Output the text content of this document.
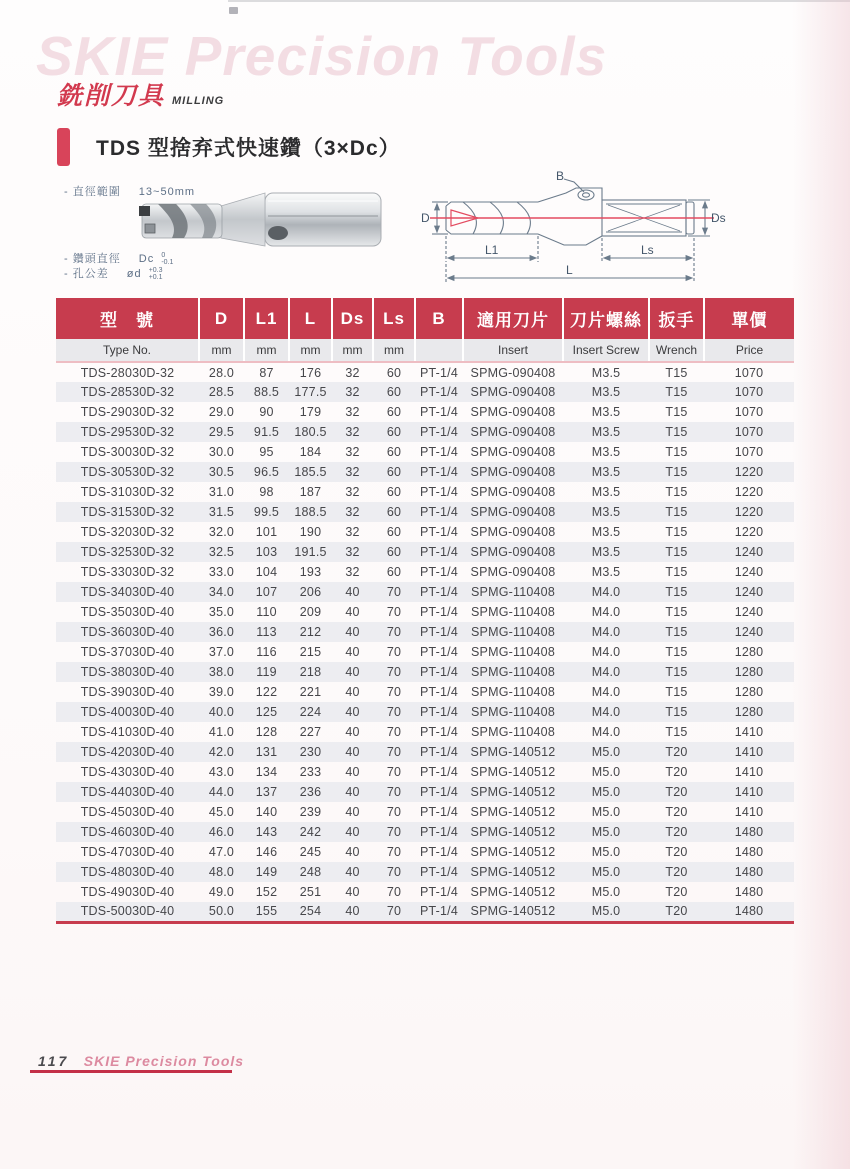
SKIE Precision Tools
銑削刀具 MILLING
TDS 型捨弃式快速鑽（3×Dc）
- 直徑範圍 13~50mm
- 鑽頭直徑 Dc 0
-0.1
- 孔公差 ød +0.3
+0.1
B
D	Ds
L1	Ls
L
型　號	D	L1	L	Ds	Ls	B	適用刀片	刀片螺絲	扳手	單價
Type No.	mm	mm	mm	mm	mm		Insert	Insert Screw	Wrench	Price
TDS-28030D-32	28.0	87	176	32	60	PT-1/4	SPMG-090408	M3.5	T15	1070
TDS-28530D-32	28.5	88.5	177.5	32	60	PT-1/4	SPMG-090408	M3.5	T15	1070
TDS-29030D-32	29.0	90	179	32	60	PT-1/4	SPMG-090408	M3.5	T15	1070
TDS-29530D-32	29.5	91.5	180.5	32	60	PT-1/4	SPMG-090408	M3.5	T15	1070
TDS-30030D-32	30.0	95	184	32	60	PT-1/4	SPMG-090408	M3.5	T15	1070
TDS-30530D-32	30.5	96.5	185.5	32	60	PT-1/4	SPMG-090408	M3.5	T15	1220
TDS-31030D-32	31.0	98	187	32	60	PT-1/4	SPMG-090408	M3.5	T15	1220
TDS-31530D-32	31.5	99.5	188.5	32	60	PT-1/4	SPMG-090408	M3.5	T15	1220
TDS-32030D-32	32.0	101	190	32	60	PT-1/4	SPMG-090408	M3.5	T15	1220
TDS-32530D-32	32.5	103	191.5	32	60	PT-1/4	SPMG-090408	M3.5	T15	1240
TDS-33030D-32	33.0	104	193	32	60	PT-1/4	SPMG-090408	M3.5	T15	1240
TDS-34030D-40	34.0	107	206	40	70	PT-1/4	SPMG-110408	M4.0	T15	1240
TDS-35030D-40	35.0	110	209	40	70	PT-1/4	SPMG-110408	M4.0	T15	1240
TDS-36030D-40	36.0	113	212	40	70	PT-1/4	SPMG-110408	M4.0	T15	1240
TDS-37030D-40	37.0	116	215	40	70	PT-1/4	SPMG-110408	M4.0	T15	1280
TDS-38030D-40	38.0	119	218	40	70	PT-1/4	SPMG-110408	M4.0	T15	1280
TDS-39030D-40	39.0	122	221	40	70	PT-1/4	SPMG-110408	M4.0	T15	1280
TDS-40030D-40	40.0	125	224	40	70	PT-1/4	SPMG-110408	M4.0	T15	1280
TDS-41030D-40	41.0	128	227	40	70	PT-1/4	SPMG-110408	M4.0	T15	1410
TDS-42030D-40	42.0	131	230	40	70	PT-1/4	SPMG-140512	M5.0	T20	1410
TDS-43030D-40	43.0	134	233	40	70	PT-1/4	SPMG-140512	M5.0	T20	1410
TDS-44030D-40	44.0	137	236	40	70	PT-1/4	SPMG-140512	M5.0	T20	1410
TDS-45030D-40	45.0	140	239	40	70	PT-1/4	SPMG-140512	M5.0	T20	1410
TDS-46030D-40	46.0	143	242	40	70	PT-1/4	SPMG-140512	M5.0	T20	1480
TDS-47030D-40	47.0	146	245	40	70	PT-1/4	SPMG-140512	M5.0	T20	1480
TDS-48030D-40	48.0	149	248	40	70	PT-1/4	SPMG-140512	M5.0	T20	1480
TDS-49030D-40	49.0	152	251	40	70	PT-1/4	SPMG-140512	M5.0	T20	1480
TDS-50030D-40	50.0	155	254	40	70	PT-1/4	SPMG-140512	M5.0	T20	1480
117 SKIE Precision Tools
